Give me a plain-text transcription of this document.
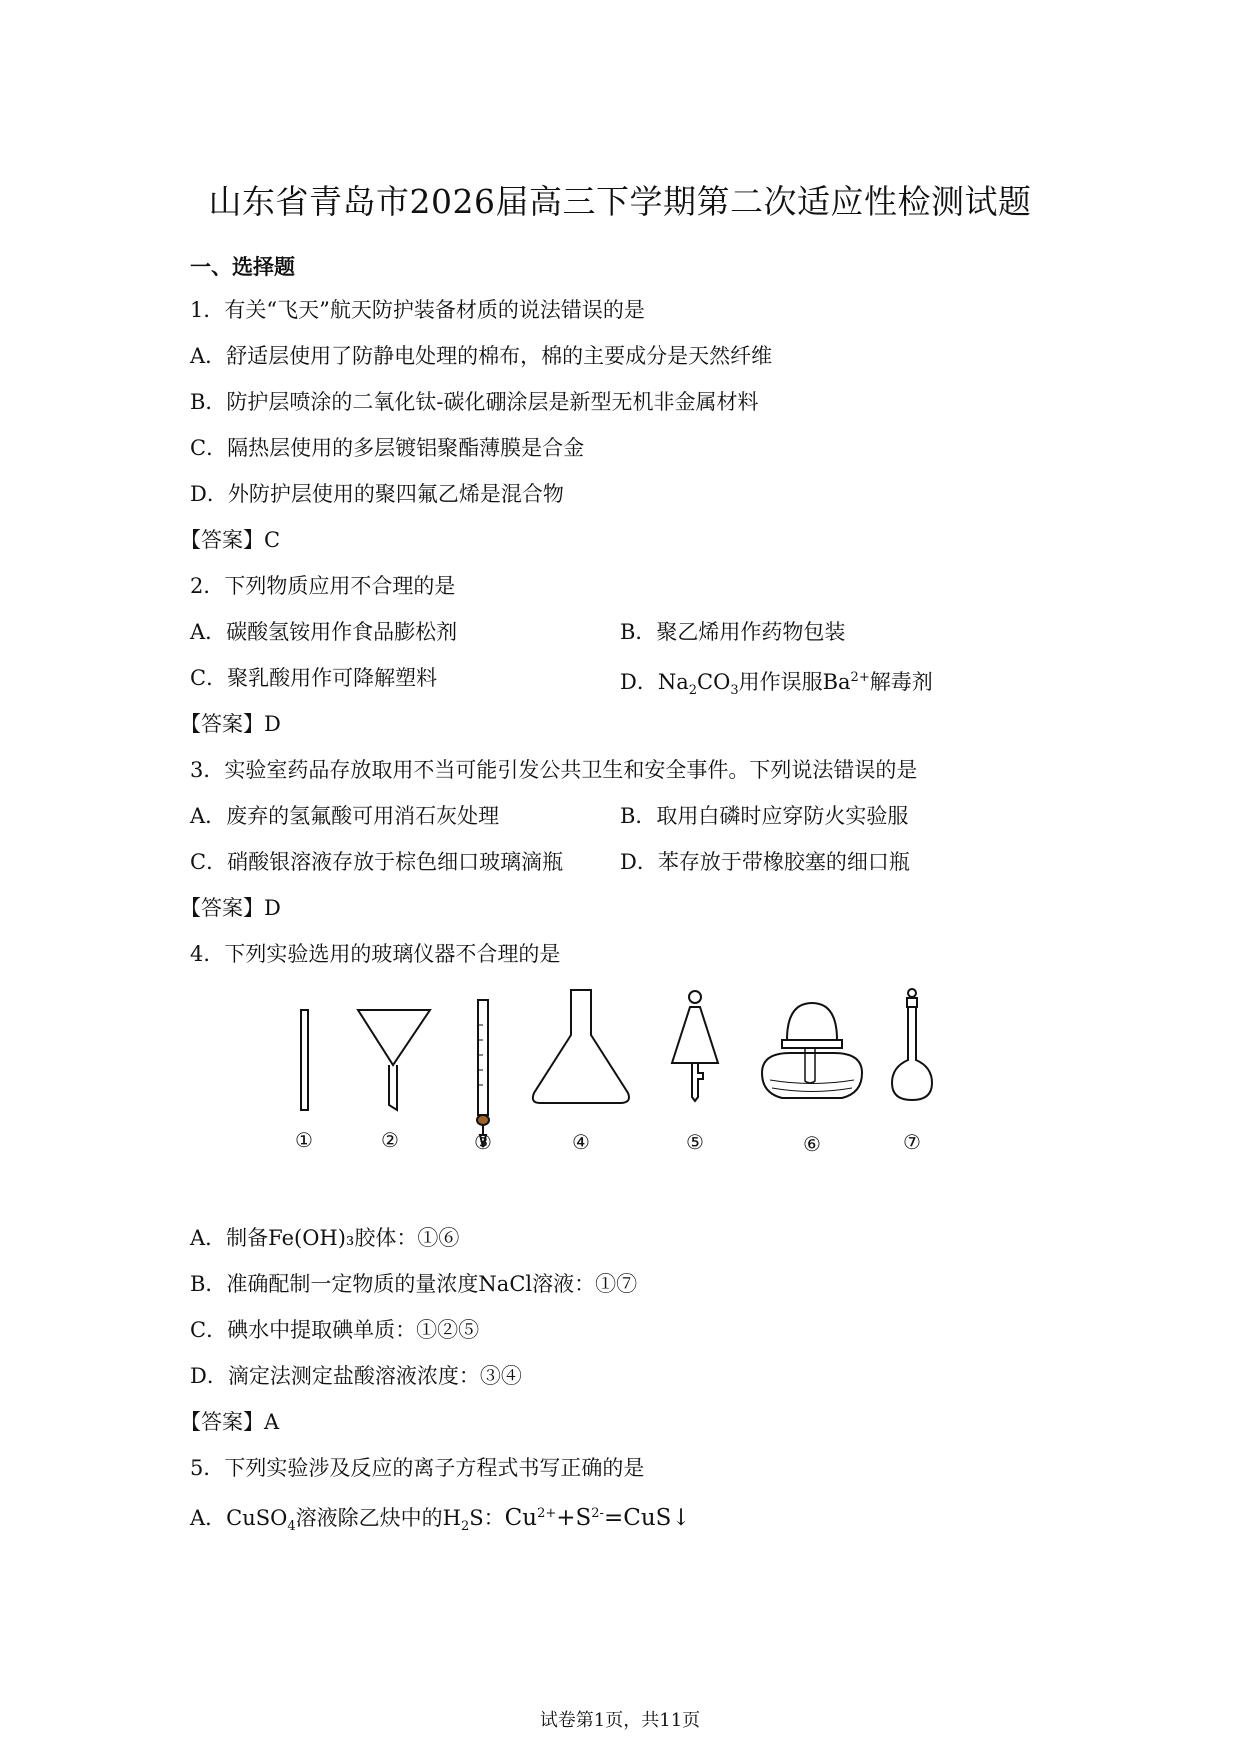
山东省青岛市2026届高三下学期第二次适应性检测试题
一、选择题
1．有关“飞天”航天防护装备材质的说法错误的是
A．舒适层使用了防静电处理的棉布，棉的主要成分是天然纤维
B．防护层喷涂的二氧化钛-碳化硼涂层是新型无机非金属材料
C．隔热层使用的多层镀铝聚酯薄膜是合金
D．外防护层使用的聚四氟乙烯是混合物
【答案】C
2．下列物质应用不合理的是
A．碳酸氢铵用作食品膨松剂	B．聚乙烯用作药物包装
C．聚乳酸用作可降解塑料	D．$Na_2CO_3$用作误服$Ba^{2+}$解毒剂
【答案】D
3．实验室药品存放取用不当可能引发公共卫生和安全事件。下列说法错误的是
A．废弃的氢氟酸可用消石灰处理	B．取用白磷时应穿防火实验服
C．硝酸银溶液存放于棕色细口玻璃滴瓶	D．苯存放于带橡胶塞的细口瓶
【答案】D
4．下列实验选用的玻璃仪器不合理的是
①	②	③	④	⑤	⑥	⑦
A．制备Fe(OH)₃胶体：①⑥
B．准确配制一定物质的量浓度NaCl溶液：①⑦
C．碘水中提取碘单质：①②⑤
D．滴定法测定盐酸溶液浓度：③④
【答案】A
5．下列实验涉及反应的离子方程式书写正确的是
A．CuSO$_4$溶液除乙炔中的$H_2S$：$Cu^{2+}+S^{2-}=CuS↓$
试卷第1页，共11页
